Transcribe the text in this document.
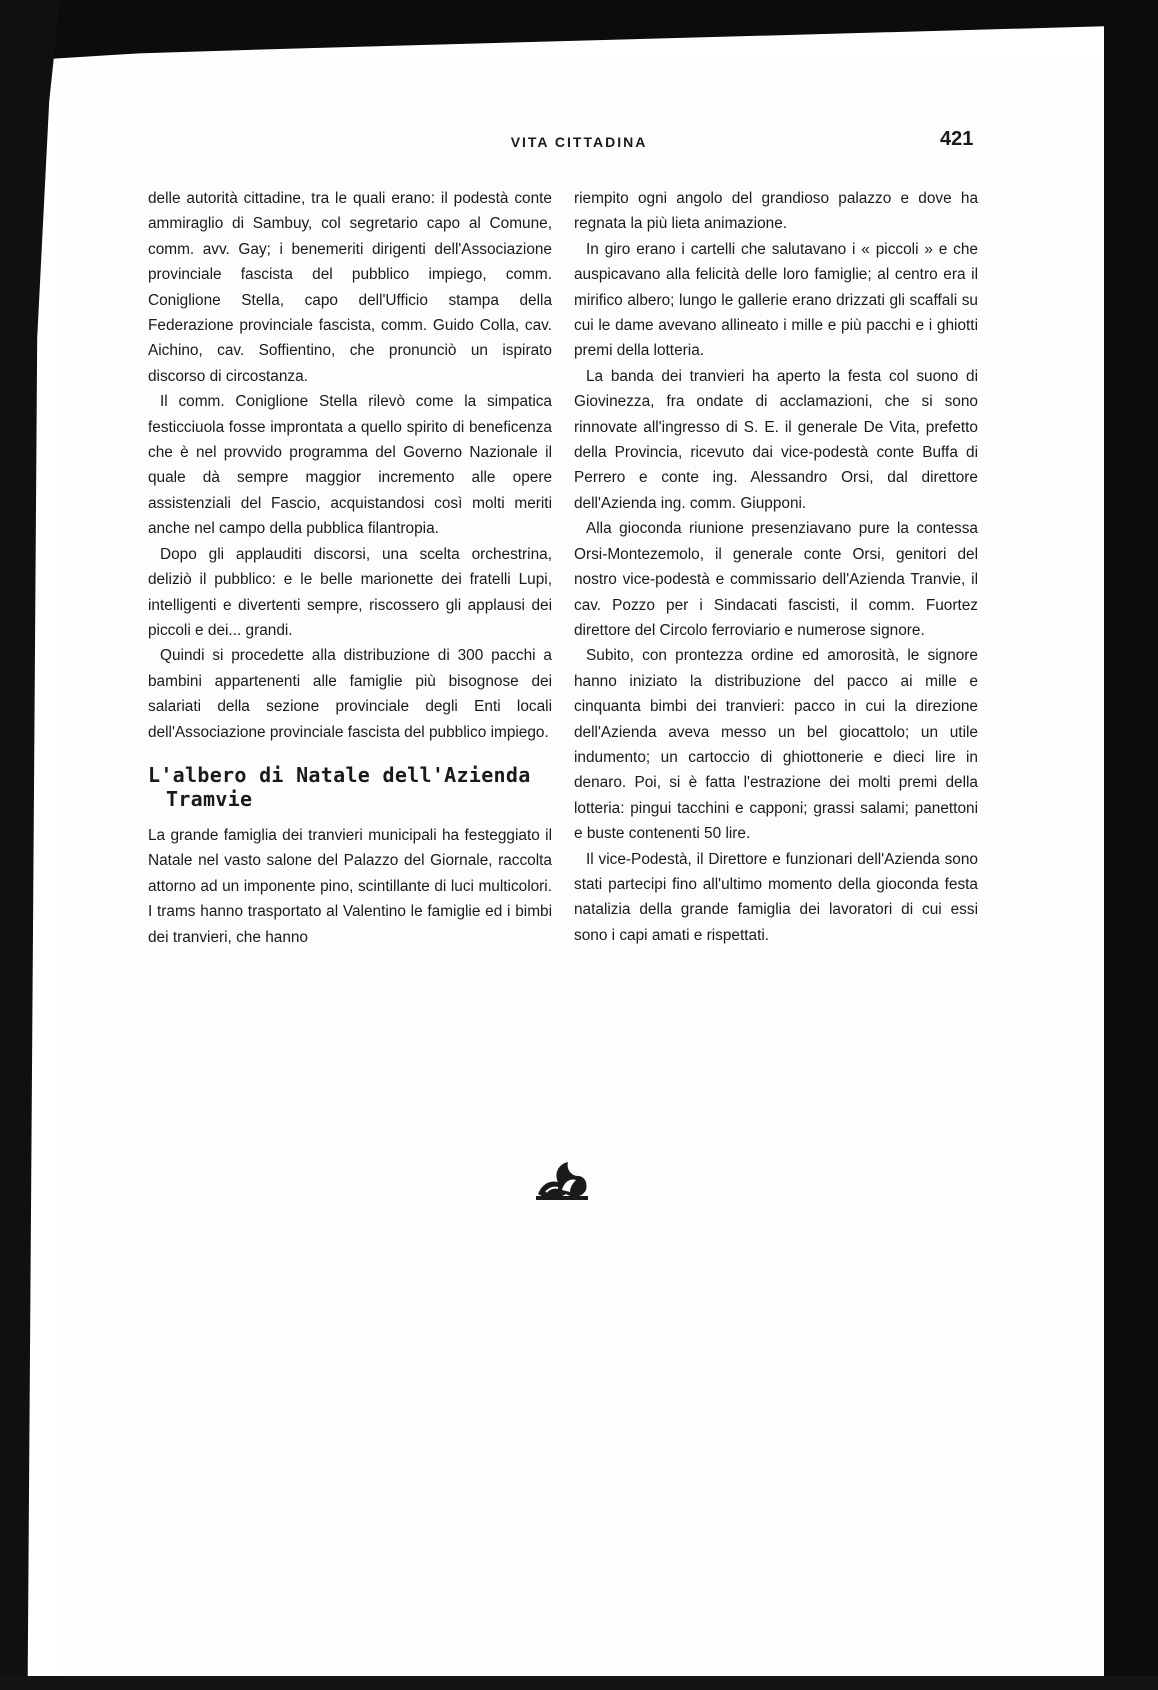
VITA CITTADINA	421

delle autorità cittadine, tra le quali erano: il podestà conte ammiraglio di Sambuy, col segretario capo al Comune, comm. avv. Gay; i benemeriti dirigenti dell'Associazione provinciale fascista del pubblico impiego, comm. Coniglione Stella, capo dell'Ufficio stampa della Federazione provinciale fascista, comm. Guido Colla, cav. Aichino, cav. Soffientino, che pronunciò un ispirato discorso di circostanza.

Il comm. Coniglione Stella rilevò come la simpatica festicciuola fosse improntata a quello spirito di beneficenza che è nel provvido programma del Governo Nazionale il quale dà sempre maggior incremento alle opere assistenziali del Fascio, acquistandosi così molti meriti anche nel campo della pubblica filantropia.

Dopo gli applauditi discorsi, una scelta orchestrina, deliziò il pubblico: e le belle marionette dei fratelli Lupi, intelligenti e divertenti sempre, riscossero gli applausi dei piccoli e dei... grandi.

Quindi si procedette alla distribuzione di 300 pacchi a bambini appartenenti alle famiglie più bisognose dei salariati della sezione provinciale degli Enti locali dell'Associazione provinciale fascista del pubblico impiego.

L'albero di Natale dell'Azienda
Tramvie

La grande famiglia dei tranvieri municipali ha festeggiato il Natale nel vasto salone del Palazzo del Giornale, raccolta attorno ad un imponente pino, scintillante di luci multicolori. I trams hanno trasportato al Valentino le famiglie ed i bimbi dei tranvieri, che hanno

riempito ogni angolo del grandioso palazzo e dove ha regnata la più lieta animazione.

In giro erano i cartelli che salutavano i « piccoli » e che auspicavano alla felicità delle loro famiglie; al centro era il mirifico albero; lungo le gallerie erano drizzati gli scaffali su cui le dame avevano allineato i mille e più pacchi e i ghiotti premi della lotteria.

La banda dei tranvieri ha aperto la festa col suono di Giovinezza, fra ondate di acclamazioni, che si sono rinnovate all'ingresso di S. E. il generale De Vita, prefetto della Provincia, ricevuto dai vice-podestà conte Buffa di Perrero e conte ing. Alessandro Orsi, dal direttore dell'Azienda ing. comm. Giupponi.

Alla gioconda riunione presenziavano pure la contessa Orsi-Montezemolo, il generale conte Orsi, genitori del nostro vice-podestà e commissario dell'Azienda Tranvie, il cav. Pozzo per i Sindacati fascisti, il comm. Fuortez direttore del Circolo ferroviario e numerose signore.

Subito, con prontezza ordine ed amorosità, le signore hanno iniziato la distribuzione del pacco ai mille e cinquanta bimbi dei tranvieri: pacco in cui la direzione dell'Azienda aveva messo un bel giocattolo; un utile indumento; un cartoccio di ghiottonerie e dieci lire in denaro. Poi, si è fatta l'estrazione dei molti premi della lotteria: pingui tacchini e capponi; grassi salami; panettoni e buste contenenti 50 lire.

Il vice-Podestà, il Direttore e funzionari dell'Azienda sono stati partecipi fino all'ultimo momento della gioconda festa natalizia della grande famiglia dei lavoratori di cui essi sono i capi amati e rispettati.
